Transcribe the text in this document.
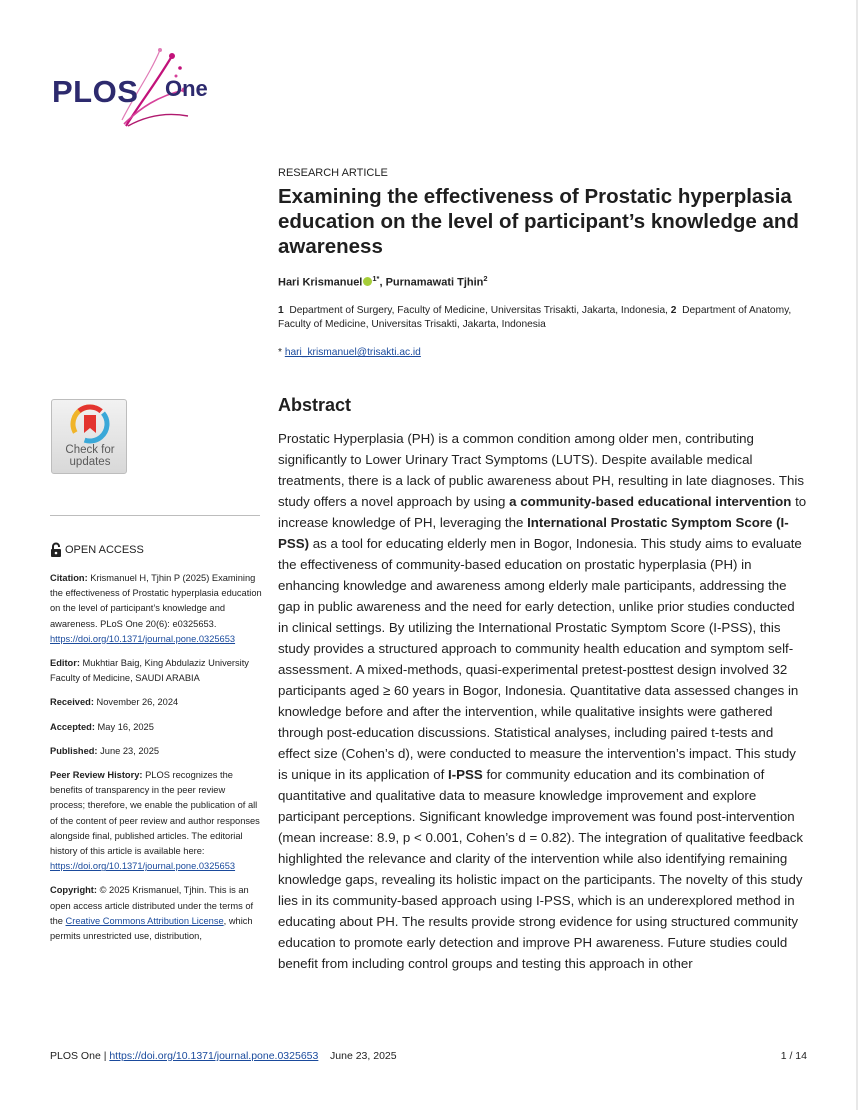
PLOS One
Check for
updates
OPEN ACCESS

Citation: Krismanuel H, Tjhin P (2025) Examining the effectiveness of Prostatic hyperplasia education on the level of participant’s knowledge and awareness. PLoS One 20(6): e0325653. https://doi.org/10.1371/journal.pone.0325653

Editor: Mukhtiar Baig, King Abdulaziz University Faculty of Medicine, SAUDI ARABIA

Received: November 26, 2024

Accepted: May 16, 2025

Published: June 23, 2025

Peer Review History: PLOS recognizes the benefits of transparency in the peer review process; therefore, we enable the publication of all of the content of peer review and author responses alongside final, published articles. The editorial history of this article is available here: https://doi.org/10.1371/journal.pone.0325653

Copyright: © 2025 Krismanuel, Tjhin. This is an open access article distributed under the terms of the Creative Commons Attribution License, which permits unrestricted use, distribution,

RESEARCH ARTICLE
Examining the effectiveness of Prostatic hyperplasia education on the level of participant’s knowledge and awareness
Hari Krismanuel $^{1*}$, Purnamawati Tjhin$^2$
1 Department of Surgery, Faculty of Medicine, Universitas Trisakti, Jakarta, Indonesia, 2 Department of Anatomy, Faculty of Medicine, Universitas Trisakti, Jakarta, Indonesia
* hari_krismanuel@trisakti.ac.id
Abstract

Prostatic Hyperplasia (PH) is a common condition among older men, contributing significantly to Lower Urinary Tract Symptoms (LUTS). Despite available medical treatments, there is a lack of public awareness about PH, resulting in late diagnoses. This study offers a novel approach by using a community-based educational intervention to increase knowledge of PH, leveraging the International Prostatic Symptom Score (I-PSS) as a tool for educating elderly men in Bogor, Indonesia. This study aims to evaluate the effectiveness of community-based education on prostatic hyperplasia (PH) in enhancing knowledge and awareness among elderly male participants, addressing the gap in public awareness and the need for early detection, unlike prior studies conducted in clinical settings. By utilizing the International Prostatic Symptom Score (I-PSS), this study provides a structured approach to community health education and symptom self-assessment. A mixed-methods, quasi-experimental pretest-posttest design involved 32 participants aged ≥ 60 years in Bogor, Indonesia. Quantitative data assessed changes in knowledge before and after the intervention, while qualitative insights were gathered through post-education discussions. Statistical analyses, including paired t-tests and effect size (Cohen’s d), were conducted to measure the intervention’s impact. This study is unique in its application of I-PSS for community education and its combination of quantitative and qualitative data to measure knowledge improvement and explore participant perceptions. Significant knowledge improvement was found post-intervention (mean increase: 8.9, p < 0.001, Cohen’s d = 0.82). The integration of qualitative feedback highlighted the relevance and clarity of the intervention while also identifying remaining knowledge gaps, revealing its holistic impact on the participants. The novelty of this study lies in its community-based approach using I-PSS, which is an underexplored method in educating about PH. The results provide strong evidence for using structured community education to promote early detection and improve PH awareness. Future studies could benefit from including control groups and testing this approach in other

PLOS One | https://doi.org/10.1371/journal.pone.0325653 June 23, 2025	1 / 14
